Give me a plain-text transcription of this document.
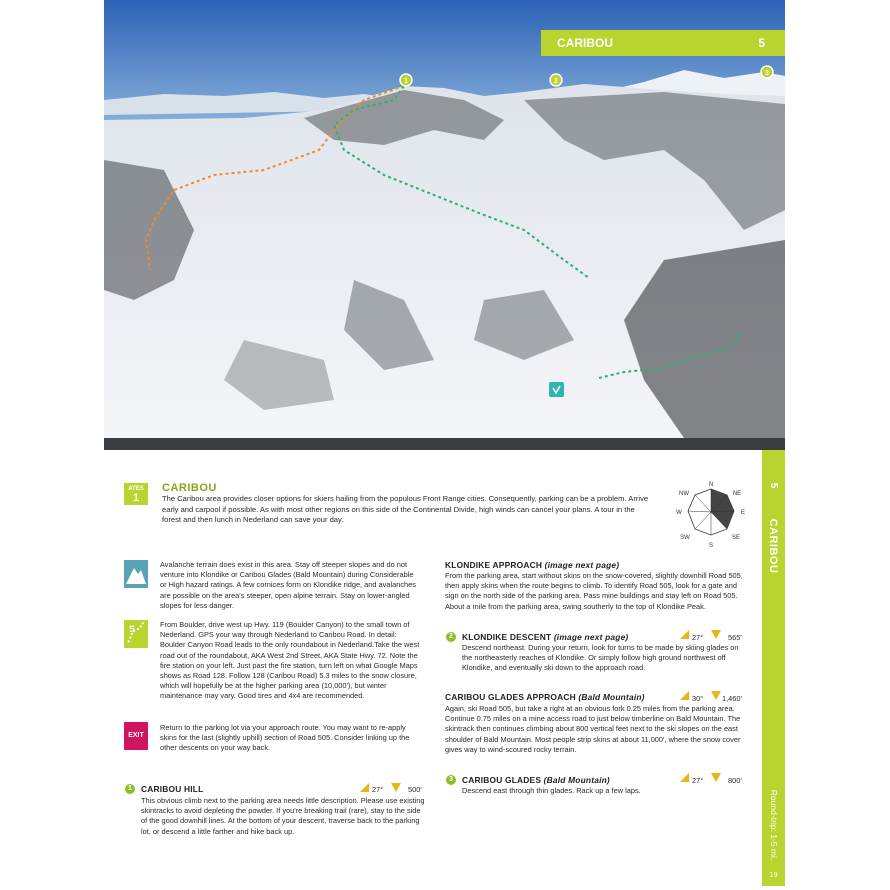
1	2
3
CARIBOU	5
5
CARIBOU
Round-trip: 1-5 mi.
19
ATES
1
CARIBOU
The Caribou area provides closer options for skiers hailing from the populous Front Range cities. Consequently, parking can be a problem. Arrive early and carpool if possible. As with most other regions on this side of the Continental Divide, high winds can cancel your plans. A tour in the forest and then lunch in Nederland can save your day.
N
NE
E
SE
S
SW
W
NW
Avalanche terrain does exist in this area. Stay off steeper slopes and do not venture into Klondike or Caribou Glades (Bald Mountain) during Considerable or High hazard ratings. A few cornices form on Klondike ridge, and avalanches are possible on the area's steeper, open alpine terrain. Stay on lower-angled slopes for less danger.
S	From Boulder, drive west up Hwy. 119 (Boulder Canyon) to the small town of Nederland. GPS your way through Nederland to Caribou Road. In detail: Boulder Canyon Road leads to the only roundabout in Nederland.Take the west road out of the roundabout, AKA West 2nd Street, AKA State Hwy. 72. Note the fire station on your left. Just past the fire station, turn left on what Google Maps shows as Road 128. Follow 128 (Caribou Road) 5.3 miles to the snow closure, which will hopefully be at the higher parking area (10,000'), but winter maintenance may vary. Good tires and 4x4 are recommended.
EXIT
Return to the parking lot via your approach route. You may want to re-apply skins for the last (slightly uphill) section of Road 505. Consider linking up the other descents on your way back.
1	CARIBOU HILL	27°	500'
This obvious climb next to the parking area needs little description. Please use existing skintracks to avoid depleting the powder. If you're breaking trail (rare), stay to the side of the good downhill lines. At the bottom of your descent, traverse back to the parking lot, or descend a little farther and hike back up.
KLONDIKE APPROACH (image next page)
From the parking area, start without skins on the snow-covered, slightly downhill Road 505, then apply skins when the route begins to climb. To identify Road 505, look for a gate and sign on the north side of the parking area. Pass mine buildings and stay left on Road 505. About a mile from the parking area, swing southerly to the top of Klondike Peak.
2	KLONDIKE DESCENT (image next page)	27°	565'
Descend northeast. During your return, look for turns to be made by skiing glades on the northeasterly reaches of Klondike. Or simply follow high ground northwest off Klondike, and eventually ski down to the approach road.
CARIBOU GLADES APPROACH (Bald Mountain)	30°	1,460'
Again, ski Road 505, but take a right at an obvious fork 0.25 miles from the parking area. Continue 0.75 miles on a mine access road to just below timberline on Bald Mountain. The skintrack then continues climbing about 800 vertical feet next to the ski slopes on the east shoulder of Bald Mountain. Most people strip skins at about 11,000', where the snow cover gives way to wind-scoured rocky terrain.
3	CARIBOU GLADES (Bald Mountain)	27°	800'
Descend east through thin glades. Rack up a few laps.
